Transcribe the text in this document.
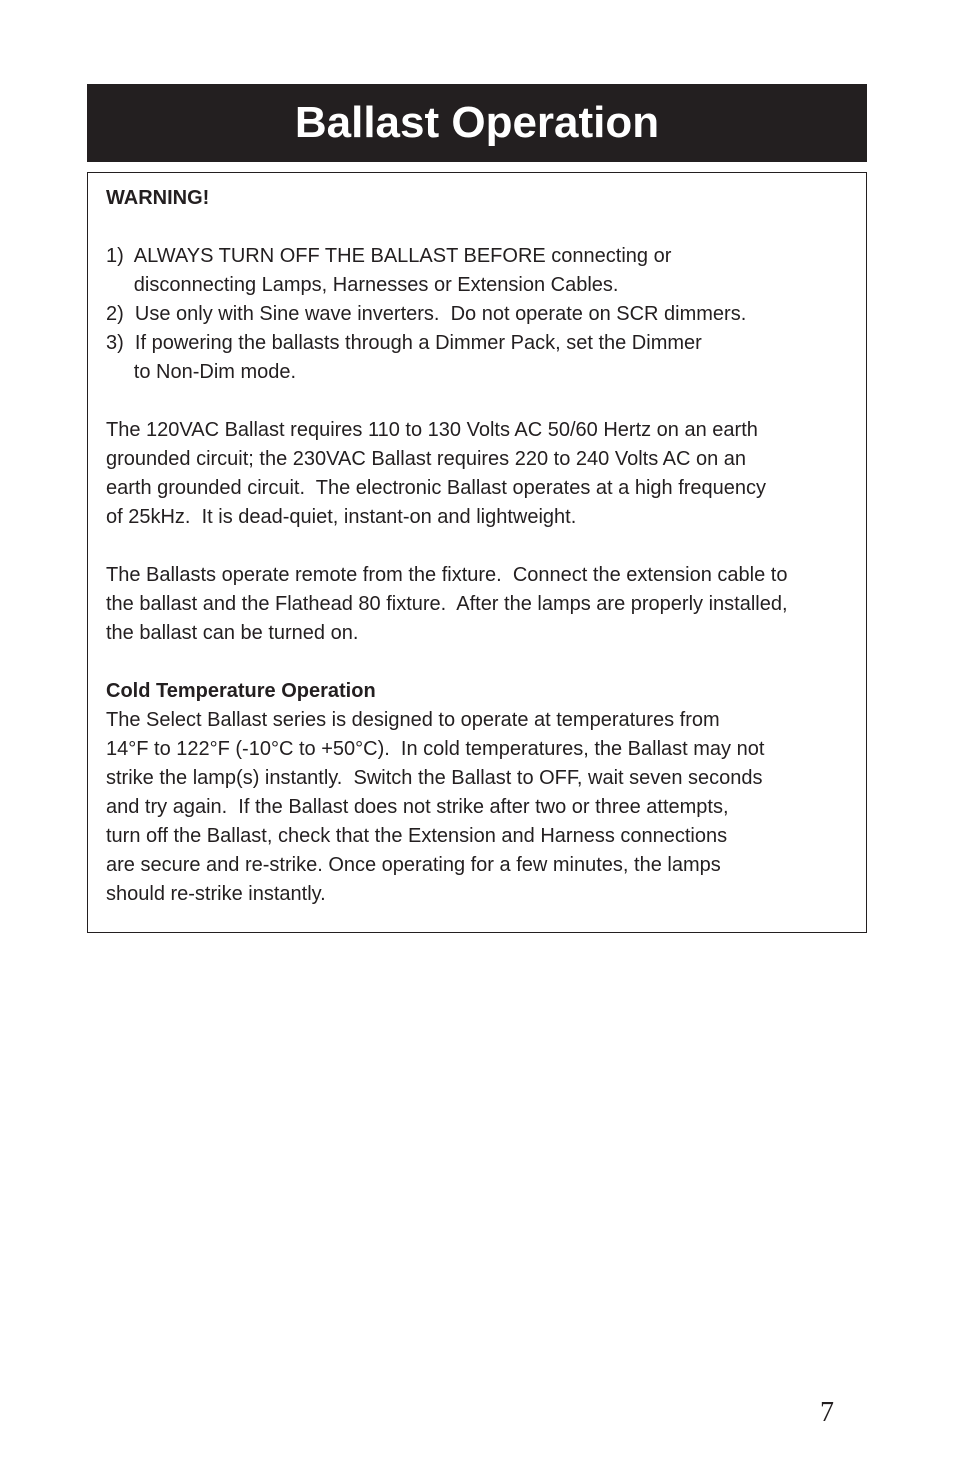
Ballast Operation
WARNING!
1)  ALWAYS TURN OFF THE BALLAST BEFORE connecting or
disconnecting Lamps, Harnesses or Extension Cables.
2)  Use only with Sine wave inverters.  Do not operate on SCR dimmers.
3)  If powering the ballasts through a Dimmer Pack, set the Dimmer
to Non-Dim mode.
The 120VAC Ballast requires 110 to 130 Volts AC 50/60 Hertz on an earth
grounded circuit; the 230VAC Ballast requires 220 to 240 Volts AC on an
earth grounded circuit.  The electronic Ballast operates at a high frequency
of 25kHz.  It is dead-quiet, instant-on and lightweight.
The Ballasts operate remote from the fixture.  Connect the extension cable to
the ballast and the Flathead 80 fixture.  After the lamps are properly installed,
the ballast can be turned on.
Cold Temperature Operation
The Select Ballast series is designed to operate at temperatures from
14°F to 122°F (-10°C to +50°C).  In cold temperatures, the Ballast may not
strike the lamp(s) instantly.  Switch the Ballast to OFF, wait seven seconds
and try again.  If the Ballast does not strike after two or three attempts,
turn off the Ballast, check that the Extension and Harness connections
are secure and re-strike. Once operating for a few minutes, the lamps
should re-strike instantly.
7
